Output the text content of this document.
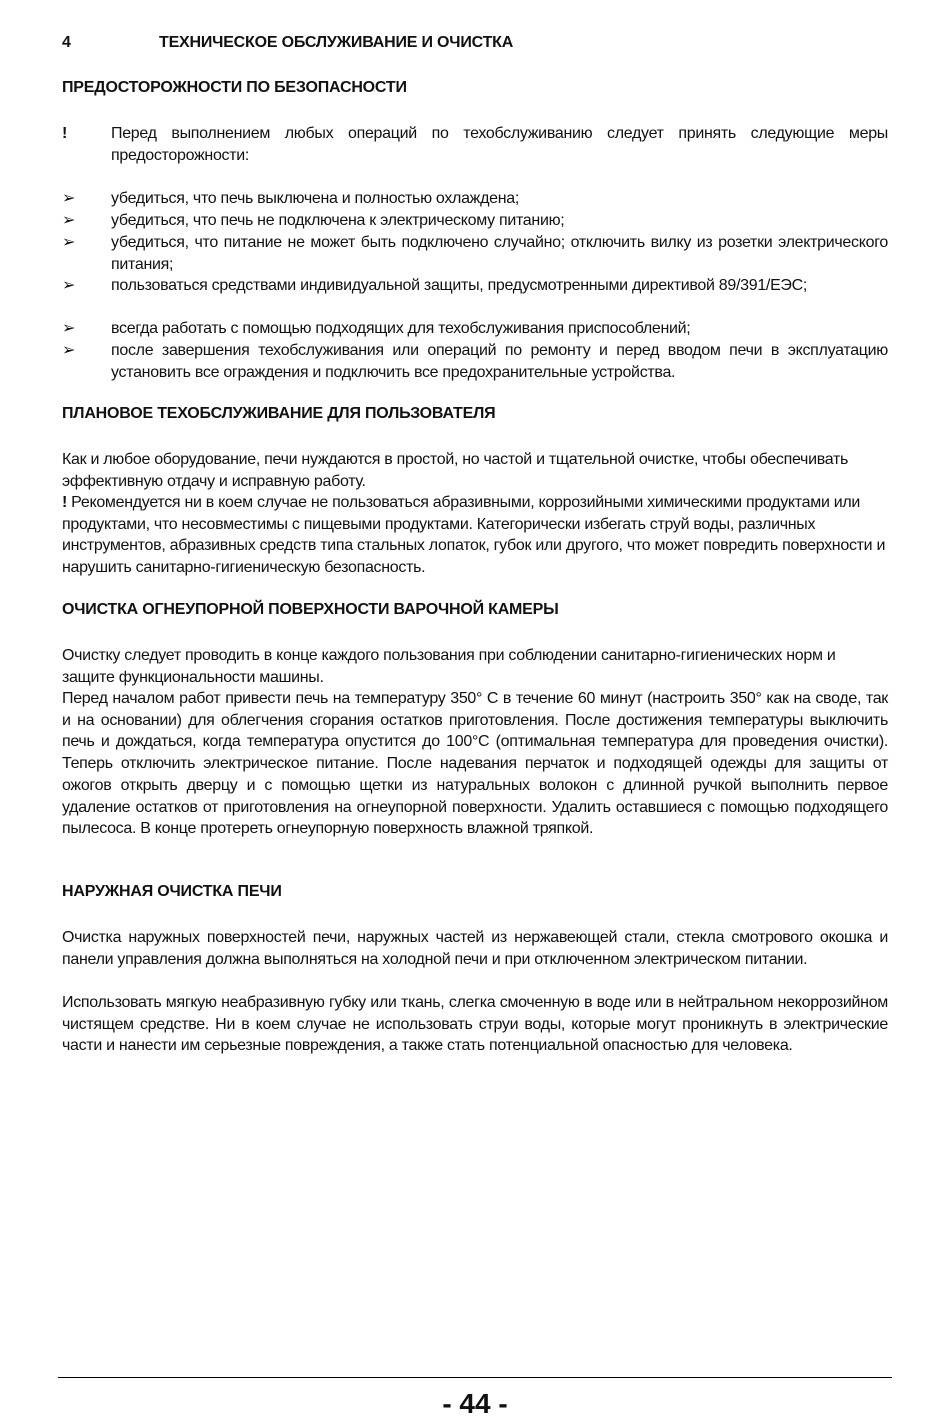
4	ТЕХНИЧЕСКОЕ ОБСЛУЖИВАНИЕ И ОЧИСТКА
ПРЕДОСТОРОЖНОСТИ ПО БЕЗОПАСНОСТИ
!	Перед выполнением любых операций по техобслуживанию следует принять следующие меры предосторожности:
➢	убедиться, что печь выключена и полностью охлаждена;
➢	убедиться, что печь не подключена к электрическому питанию;
➢	убедиться, что питание не может быть подключено случайно; отключить вилку из розетки электрического питания;
➢	пользоваться средствами индивидуальной защиты, предусмотренными директивой 89/391/ЕЭС;
➢	всегда работать с помощью подходящих для техобслуживания приспособлений;
➢	после завершения техобслуживания или операций по ремонту и перед вводом печи в эксплуатацию установить все ограждения и подключить все предохранительные устройства.
ПЛАНОВОЕ ТЕХОБСЛУЖИВАНИЕ ДЛЯ ПОЛЬЗОВАТЕЛЯ
Как и любое оборудование, печи нуждаются в простой, но частой и тщательной очистке, чтобы обеспечивать эффективную отдачу и исправную работу.
! Рекомендуется ни в коем случае не пользоваться абразивными, коррозийными химическими продуктами или продуктами, что несовместимы с пищевыми продуктами. Категорически избегать струй воды, различных инструментов, абразивных средств типа стальных лопаток, губок или другого, что может повредить поверхности и нарушить санитарно-гигиеническую безопасность.
ОЧИСТКА ОГНЕУПОРНОЙ ПОВЕРХНОСТИ ВАРОЧНОЙ КАМЕРЫ
Очистку следует проводить в конце каждого пользования при соблюдении санитарно-гигиенических норм и защите функциональности машины.
Перед началом работ привести печь на температуру 350° С в течение 60 минут (настроить 350° как на своде, так и на основании) для облегчения сгорания остатков приготовления. После достижения температуры выключить печь и дождаться, когда температура опустится до 100°С (оптимальная температура для проведения очистки). Теперь отключить электрическое питание. После надевания перчаток и подходящей одежды для защиты от ожогов открыть дверцу и с помощью щетки из натуральных волокон с длинной ручкой выполнить первое удаление остатков от приготовления на огнеупорной поверхности. Удалить оставшиеся с помощью подходящего пылесоса. В конце протереть огнеупорную поверхность влажной тряпкой.
НАРУЖНАЯ ОЧИСТКА ПЕЧИ
Очистка наружных поверхностей печи, наружных частей из нержавеющей стали, стекла смотрового окошка и панели управления должна выполняться на холодной печи и при отключенном электрическом питании.
Использовать мягкую неабразивную губку или ткань, слегка смоченную в воде или в нейтральном некоррозийном чистящем средстве. Ни в коем случае не использовать струи воды, которые могут проникнуть в электрические части и нанести им серьезные повреждения, а также стать потенциальной опасностью для человека.
- 44 -
